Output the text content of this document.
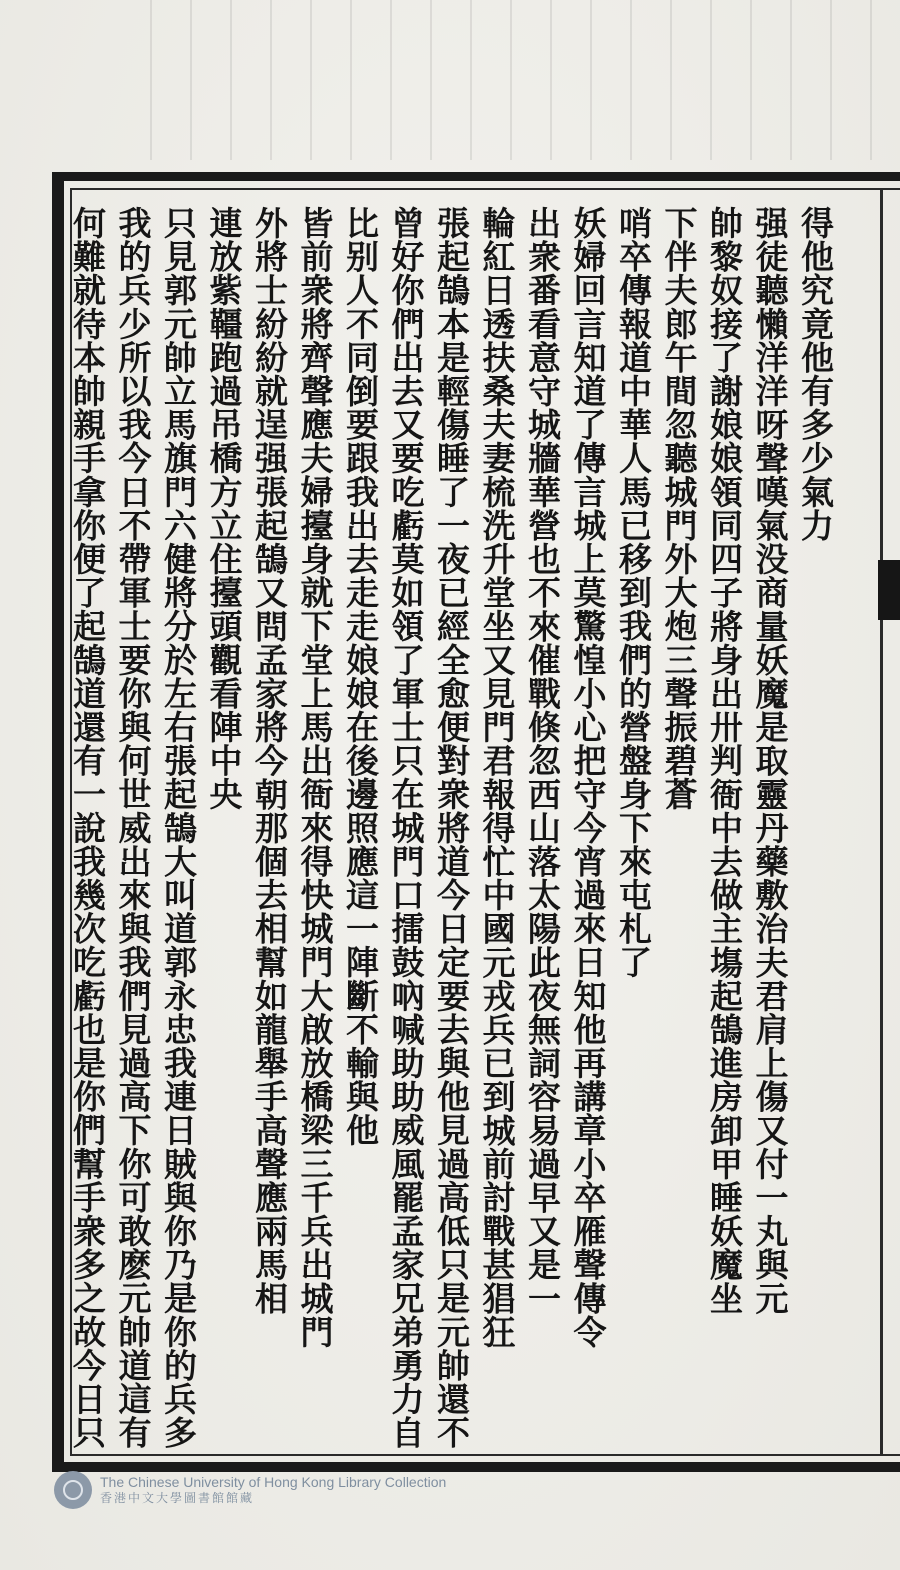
得他究竟他有多少氣力
强徒聽懶洋洋呀聲嘆氣没商量妖魔是取靈丹藥敷治夫君肩上傷又付一丸與元
帥黎奴接了謝娘娘領同四子將身出卅判衙中去做主塲起鵠進房卸甲睡妖魔坐
下伴夫郎午間忽聽城門外大炮三聲振碧蒼
哨卒傳報道中華人馬已移到我們的營盤身下來屯札了
妖婦回言知道了傳言城上莫驚惶小心把守今宵過來日知他再講章小卒雁聲傳令
出衆番看意守城牆華營也不來催戰倏忽西山落太陽此夜無詞容易過早又是一
輪紅日透扶桑夫妻梳洗升堂坐又見門君報得忙中國元戎兵已到城前討戰甚猖狂
張起鵠本是輕傷睡了一夜已經全愈便對衆將道今日定要去與他見過高低只是元帥還不
曾好你們出去又要吃虧莫如領了軍士只在城門口擂鼓吶喊助助威風罷孟家兄弟勇力自
比别人不同倒要跟我出去走走娘娘在後邊照應這一陣斷不輸與他
皆前衆將齊聲應夫婦擡身就下堂上馬出衙來得快城門大啟放橋梁三千兵出城門
外將士紛紛就逞强張起鵠又問孟家將今朝那個去相幫如龍舉手高聲應兩馬相
連放紫韁跑過吊橋方立住擡頭觀看陣中央
只見郭元帥立馬旗門六健將分於左右張起鵠大叫道郭永忠我連日賊與你乃是你的兵多
我的兵少所以我今日不帶軍士要你與何世威出來與我們見過高下你可敢麽元帥道這有
何難就待本帥親手拿你便了起鵠道還有一說我幾次吃虧也是你們幫手衆多之故今日只
The Chinese University of Hong Kong Library Collection
香港中文大學圖書館館藏
